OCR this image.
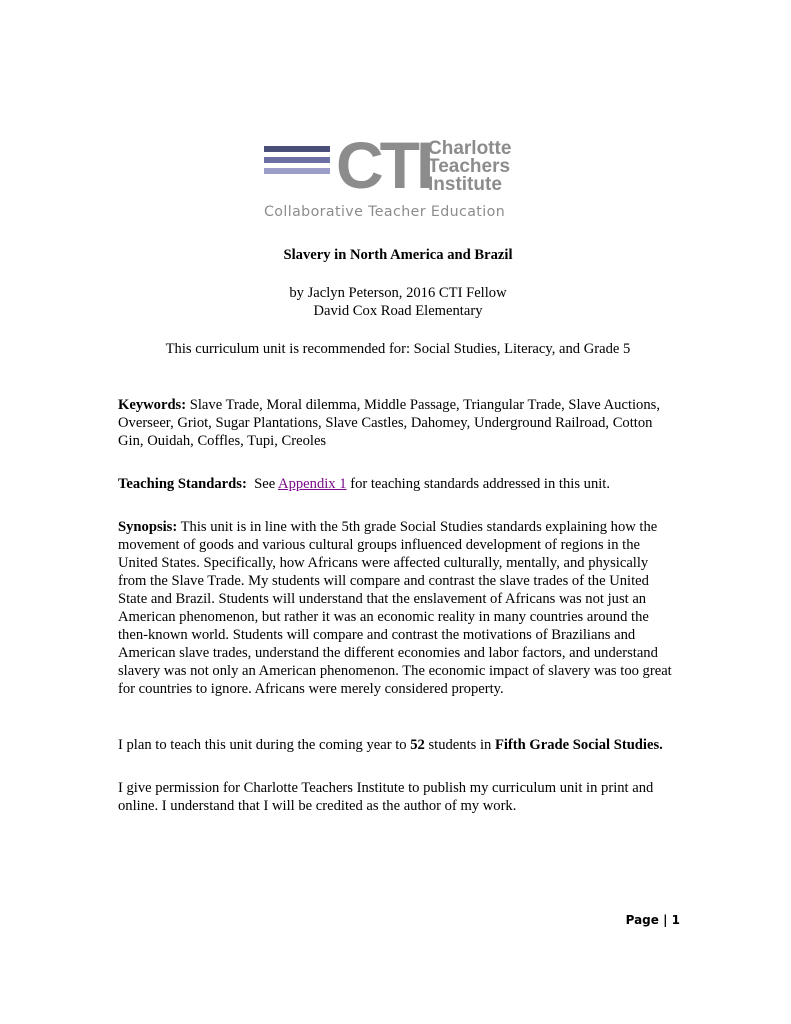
CTI
Charlotte
Teachers
Institute
Collaborative Teacher Education

Slavery in North America and Brazil

by Jaclyn Peterson, 2016 CTI Fellow
David Cox Road Elementary
This curriculum unit is recommended for: Social Studies, Literacy, and Grade 5
Keywords: Slave Trade, Moral dilemma, Middle Passage, Triangular Trade, Slave Auctions, Overseer, Griot, Sugar Plantations, Slave Castles, Dahomey, Underground Railroad, Cotton Gin, Ouidah, Coffles, Tupi, Creoles
Teaching Standards:  See Appendix 1 for teaching standards addressed in this unit.
Synopsis: This unit is in line with the 5th grade Social Studies standards explaining how the movement of goods and various cultural groups influenced development of regions in the United States. Specifically, how Africans were affected culturally, mentally, and physically from the Slave Trade. My students will compare and contrast the slave trades of the United State and Brazil. Students will understand that the enslavement of Africans was not just an American phenomenon, but rather it was an economic reality in many countries around the then-known world. Students will compare and contrast the motivations of Brazilians and American slave trades, understand the different economies and labor factors, and understand slavery was not only an American phenomenon. The economic impact of slavery was too great for countries to ignore. Africans were merely considered property.
I plan to teach this unit during the coming year to 52 students in Fifth Grade Social Studies.
I give permission for Charlotte Teachers Institute to publish my curriculum unit in print and online. I understand that I will be credited as the author of my work.
Page | 1
